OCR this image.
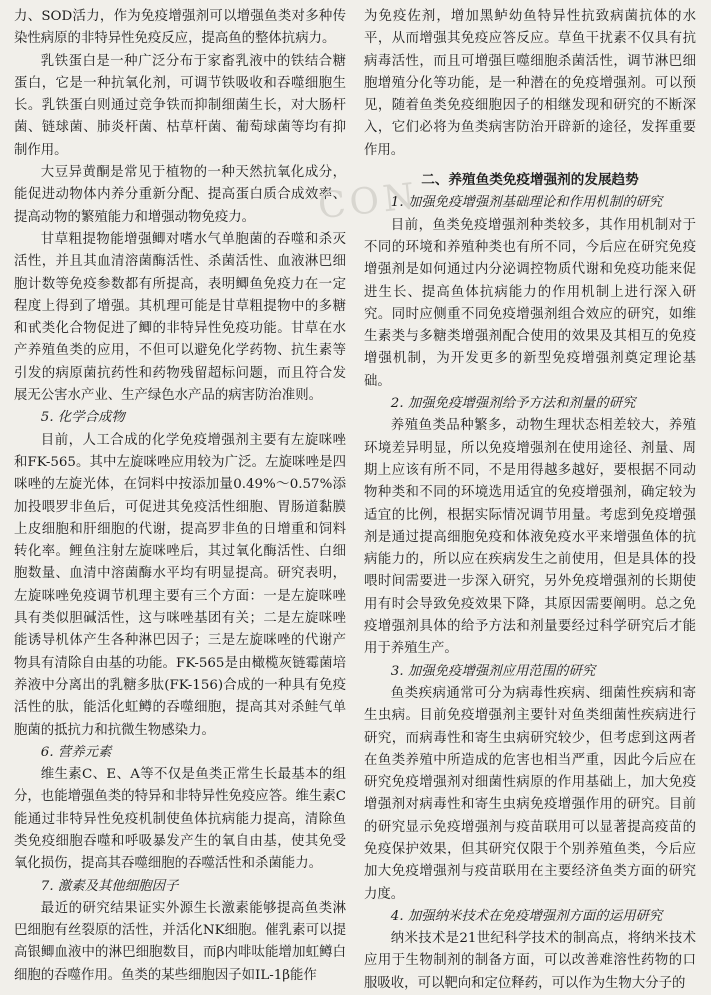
CON

力、SOD活力，作为免疫增强剂可以增强鱼类对多种传染性病原的非特异性免疫反应，提高鱼的整体抗病力。

乳铁蛋白是一种广泛分布于家畜乳液中的铁结合糖蛋白，它是一种抗氧化剂，可调节铁吸收和吞噬细胞生长。乳铁蛋白则通过竞争铁而抑制细菌生长，对大肠杆菌、链球菌、肺炎杆菌、枯草杆菌、葡萄球菌等均有抑制作用。

大豆异黄酮是常见于植物的一种天然抗氧化成分，能促进动物体内养分重新分配、提高蛋白质合成效率、提高动物的繁殖能力和增强动物免疫力。

甘草粗提物能增强鲫对嗜水气单胞菌的吞噬和杀灭活性，并且其血清溶菌酶活性、杀菌活性、血液淋巴细胞计数等免疫参数都有所提高，表明鲫鱼免疫力在一定程度上得到了增强。其机理可能是甘草粗提物中的多糖和甙类化合物促进了鲫的非特异性免疫功能。甘草在水产养殖鱼类的应用，不但可以避免化学药物、抗生素等引发的病原菌抗药性和药物残留超标问题，而且符合发展无公害水产业、生产绿色水产品的病害防治准则。

5. 化学合成物

目前，人工合成的化学免疫增强剂主要有左旋咪唑和FK-565。其中左旋咪唑应用较为广泛。左旋咪唑是四咪唑的左旋光体，在饲料中按添加量0.49%～0.57%添加投喂罗非鱼后，可促进其免疫活性细胞、胃肠道黏膜上皮细胞和肝细胞的代谢，提高罗非鱼的日增重和饲料转化率。鲤鱼注射左旋咪唑后，其过氧化酶活性、白细胞数量、血清中溶菌酶水平均有明显提高。研究表明，左旋咪唑免疫调节机理主要有三个方面：一是左旋咪唑具有类似胆碱活性，这与咪唑基团有关；二是左旋咪唑能诱导机体产生各种淋巴因子；三是左旋咪唑的代谢产物具有清除自由基的功能。FK-565是由橄榄灰链霉菌培养液中分离出的乳糖多肽(FK-156)合成的一种具有免疫活性的肽，能活化虹鳟的吞噬细胞，提高其对杀鲑气单胞菌的抵抗力和抗微生物感染力。

6. 营养元素

维生素C、E、A等不仅是鱼类正常生长最基本的组分，也能增强鱼类的特异和非特异性免疫应答。维生素C能通过非特异性免疫机制使鱼体抗病能力提高，清除鱼类免疫细胞吞噬和呼吸暴发产生的氧自由基，使其免受氧化损伤，提高其吞噬细胞的吞噬活性和杀菌能力。

7. 激素及其他细胞因子

最近的研究结果证实外源生长激素能够提高鱼类淋巴细胞有丝裂原的活性，并活化NK细胞。催乳素可以提高银鲫血液中的淋巴细胞数目，而β内啡呔能增加虹鳟白细胞的吞噬作用。鱼类的某些细胞因子如IL-1β能作

为免疫佐剂，增加黑鲈幼鱼特异性抗致病菌抗体的水平，从而增强其免疫应答反应。草鱼干扰素不仅具有抗病毒活性，而且可增强巨噬细胞杀菌活性，调节淋巴细胞增殖分化等功能，是一种潜在的免疫增强剂。可以预见，随着鱼类免疫细胞因子的相继发现和研究的不断深入，它们必将为鱼类病害防治开辟新的途径，发挥重要作用。

二、养殖鱼类免疫增强剂的发展趋势

1. 加强免疫增强剂基础理论和作用机制的研究

目前，鱼类免疫增强剂种类较多，其作用机制对于不同的环境和养殖种类也有所不同，今后应在研究免疫增强剂是如何通过内分泌调控物质代谢和免疫功能来促进生长、提高鱼体抗病能力的作用机制上进行深入研究。同时应侧重不同免疫增强剂组合效应的研究，如维生素类与多糖类增强剂配合使用的效果及其相互的免疫增强机制，为开发更多的新型免疫增强剂奠定理论基础。

2. 加强免疫增强剂给予方法和剂量的研究

养殖鱼类品种繁多，动物生理状态相差较大，养殖环境差异明显，所以免疫增强剂在使用途径、剂量、周期上应该有所不同，不是用得越多越好，要根据不同动物种类和不同的环境选用适宜的免疫增强剂，确定较为适宜的比例，根据实际情况调节用量。考虑到免疫增强剂是通过提高细胞免疫和体液免疫水平来增强鱼体的抗病能力的，所以应在疾病发生之前使用，但是具体的投喂时间需要进一步深入研究，另外免疫增强剂的长期使用有时会导致免疫效果下降，其原因需要阐明。总之免疫增强剂具体的给予方法和剂量要经过科学研究后才能用于养殖生产。

3. 加强免疫增强剂应用范围的研究

鱼类疾病通常可分为病毒性疾病、细菌性疾病和寄生虫病。目前免疫增强剂主要针对鱼类细菌性疾病进行研究，而病毒性和寄生虫病研究较少，但考虑到这两者在鱼类养殖中所造成的危害也相当严重，因此今后应在研究免疫增强剂对细菌性病原的作用基础上，加大免疫增强剂对病毒性和寄生虫病免疫增强作用的研究。目前的研究显示免疫增强剂与疫苗联用可以显著提高疫苗的免疫保护效果，但其研究仅限于个别养殖鱼类，今后应加大免疫增强剂与疫苗联用在主要经济鱼类方面的研究力度。

4. 加强纳米技术在免疫增强剂方面的运用研究

纳米技术是21世纪科学技术的制高点，将纳米技术应用于生物制剂的制备方面，可以改善难溶性药物的口服吸收，可以靶向和定位释药，可以作为生物大分子的
